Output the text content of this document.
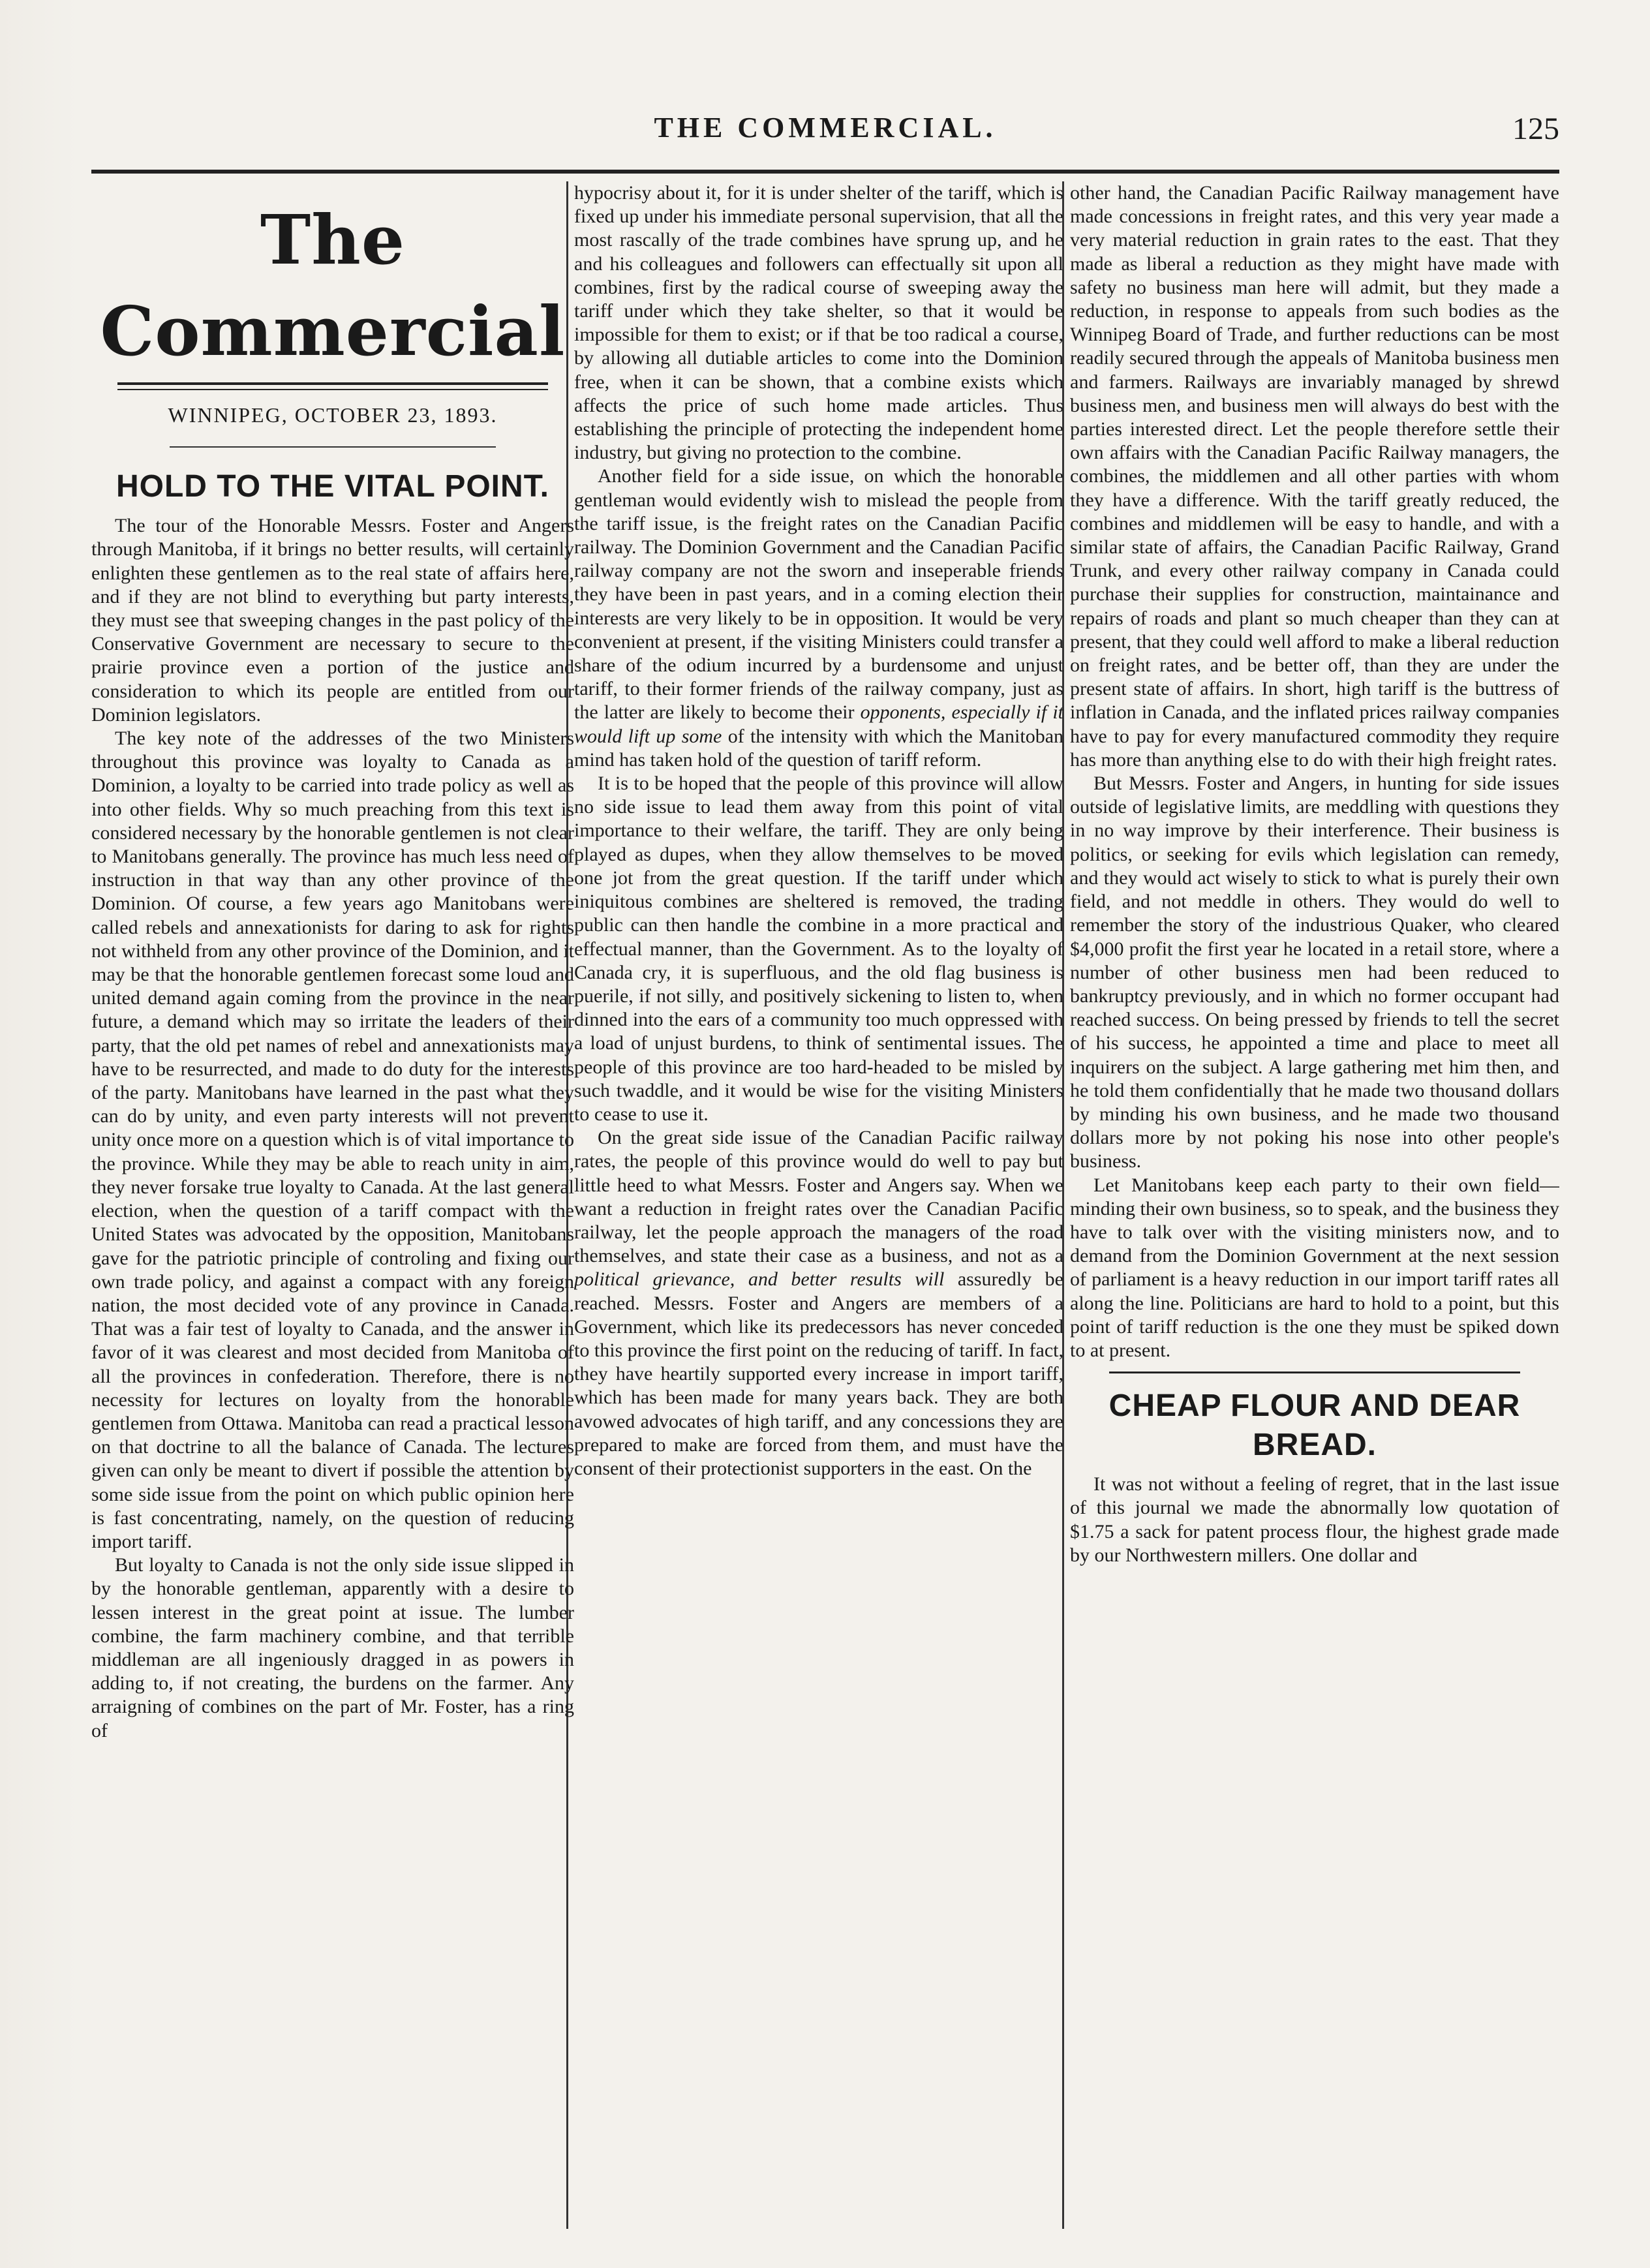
THE COMMERCIAL.	125
The Commercial
WINNIPEG, OCTOBER 23, 1893.
HOLD TO THE VITAL POINT.

The tour of the Honorable Messrs. Foster and Angers through Manitoba, if it brings no better results, will certainly enlighten these gentlemen as to the real state of affairs here, and if they are not blind to everything but party interests, they must see that sweeping changes in the past policy of the Conservative Government are necessary to secure to the prairie province even a portion of the justice and consideration to which its people are entitled from our Dominion legislators.

The key note of the addresses of the two Ministers throughout this province was loyalty to Canada as a Dominion, a loyalty to be carried into trade policy as well as into other fields. Why so much preaching from this text is considered necessary by the honorable gentlemen is not clear to Manitobans generally. The province has much less need of instruction in that way than any other province of the Dominion. Of course, a few years ago Manitobans were called rebels and annexationists for daring to ask for rights not withheld from any other province of the Dominion, and it may be that the honorable gentlemen forecast some loud and united demand again coming from the province in the near future, a demand which may so irritate the leaders of their party, that the old pet names of rebel and annexationists may have to be resurrected, and made to do duty for the interests of the party. Manitobans have learned in the past what they can do by unity, and even party interests will not prevent unity once more on a question which is of vital importance to the province. While they may be able to reach unity in aim, they never forsake true loyalty to Canada. At the last general election, when the question of a tariff compact with the United States was advocated by the opposition, Manitobans gave for the patriotic principle of controling and fixing our own trade policy, and against a compact with any foreign nation, the most decided vote of any province in Canada. That was a fair test of loyalty to Canada, and the answer in favor of it was clearest and most decided from Manitoba of all the provinces in confederation. Therefore, there is no necessity for lectures on loyalty from the honorable gentlemen from Ottawa. Manitoba can read a practical lesson on that doctrine to all the balance of Canada. The lectures given can only be meant to divert if possible the attention by some side issue from the point on which public opinion here is fast concentrating, namely, on the question of reducing import tariff.

But loyalty to Canada is not the only side issue slipped in by the honorable gentleman, apparently with a desire to lessen interest in the great point at issue. The lumber combine, the farm machinery combine, and that terrible middleman are all ingeniously dragged in as powers in adding to, if not creating, the burdens on the farmer. Any arraigning of combines on the part of Mr. Foster, has a ring of

hypocrisy about it, for it is under shelter of the tariff, which is fixed up under his immediate personal supervision, that all the most rascally of the trade combines have sprung up, and he and his colleagues and followers can effectually sit upon all combines, first by the radical course of sweeping away the tariff under which they take shelter, so that it would be impossible for them to exist; or if that be too radical a course, by allowing all dutiable articles to come into the Dominion free, when it can be shown, that a combine exists which affects the price of such home made articles. Thus establishing the principle of protecting the independent home industry, but giving no protection to the combine.

Another field for a side issue, on which the honorable gentleman would evidently wish to mislead the people from the tariff issue, is the freight rates on the Canadian Pacific railway. The Dominion Government and the Canadian Pacific railway company are not the sworn and inseperable friends they have been in past years, and in a coming election their interests are very likely to be in opposition. It would be very convenient at present, if the visiting Ministers could transfer a share of the odium incurred by a burdensome and unjust tariff, to their former friends of the railway company, just as the latter are likely to become their opponents, especially if it would lift up some of the intensity with which the Manitoban mind has taken hold of the question of tariff reform.

It is to be hoped that the people of this province will allow no side issue to lead them away from this point of vital importance to their welfare, the tariff. They are only being played as dupes, when they allow themselves to be moved one jot from the great question. If the tariff under which iniquitous combines are sheltered is removed, the trading public can then handle the combine in a more practical and effectual manner, than the Government. As to the loyalty of Canada cry, it is superfluous, and the old flag business is puerile, if not silly, and positively sickening to listen to, when dinned into the ears of a community too much oppressed with a load of unjust burdens, to think of sentimental issues. The people of this province are too hard-headed to be misled by such twaddle, and it would be wise for the visiting Ministers to cease to use it.

On the great side issue of the Canadian Pacific railway rates, the people of this province would do well to pay but little heed to what Messrs. Foster and Angers say. When we want a reduction in freight rates over the Canadian Pacific railway, let the people approach the managers of the road themselves, and state their case as a business, and not as a political grievance, and better results will assuredly be reached. Messrs. Foster and Angers are members of a Government, which like its predecessors has never conceded to this province the first point on the reducing of tariff. In fact, they have heartily supported every increase in import tariff, which has been made for many years back. They are both avowed advocates of high tariff, and any concessions they are prepared to make are forced from them, and must have the consent of their protectionist supporters in the east. On the

other hand, the Canadian Pacific Railway management have made concessions in freight rates, and this very year made a very material reduction in grain rates to the east. That they made as liberal a reduction as they might have made with safety no business man here will admit, but they made a reduction, in response to appeals from such bodies as the Winnipeg Board of Trade, and further reductions can be most readily secured through the appeals of Manitoba business men and farmers. Railways are invariably managed by shrewd business men, and business men will always do best with the parties interested direct. Let the people therefore settle their own affairs with the Canadian Pacific Railway managers, the combines, the middlemen and all other parties with whom they have a difference. With the tariff greatly reduced, the combines and middlemen will be easy to handle, and with a similar state of affairs, the Canadian Pacific Railway, Grand Trunk, and every other railway company in Canada could purchase their supplies for construction, maintainance and repairs of roads and plant so much cheaper than they can at present, that they could well afford to make a liberal reduction on freight rates, and be better off, than they are under the present state of affairs. In short, high tariff is the buttress of inflation in Canada, and the inflated prices railway companies have to pay for every manufactured commodity they require has more than anything else to do with their high freight rates.

But Messrs. Foster and Angers, in hunting for side issues outside of legislative limits, are meddling with questions they in no way improve by their interference. Their business is politics, or seeking for evils which legislation can remedy, and they would act wisely to stick to what is purely their own field, and not meddle in others. They would do well to remember the story of the industrious Quaker, who cleared $4,000 profit the first year he located in a retail store, where a number of other business men had been reduced to bankruptcy previously, and in which no former occupant had reached success. On being pressed by friends to tell the secret of his success, he appointed a time and place to meet all inquirers on the subject. A large gathering met him then, and he told them confidentially that he made two thousand dollars by minding his own business, and he made two thousand dollars more by not poking his nose into other people's business.

Let Manitobans keep each party to their own field—minding their own business, so to speak, and the business they have to talk over with the visiting ministers now, and to demand from the Dominion Government at the next session of parliament is a heavy reduction in our import tariff rates all along the line. Politicians are hard to hold to a point, but this point of tariff reduction is the one they must be spiked down to at present.

CHEAP FLOUR AND DEAR BREAD.

It was not without a feeling of regret, that in the last issue of this journal we made the abnormally low quotation of $1.75 a sack for patent process flour, the highest grade made by our Northwestern millers. One dollar and
